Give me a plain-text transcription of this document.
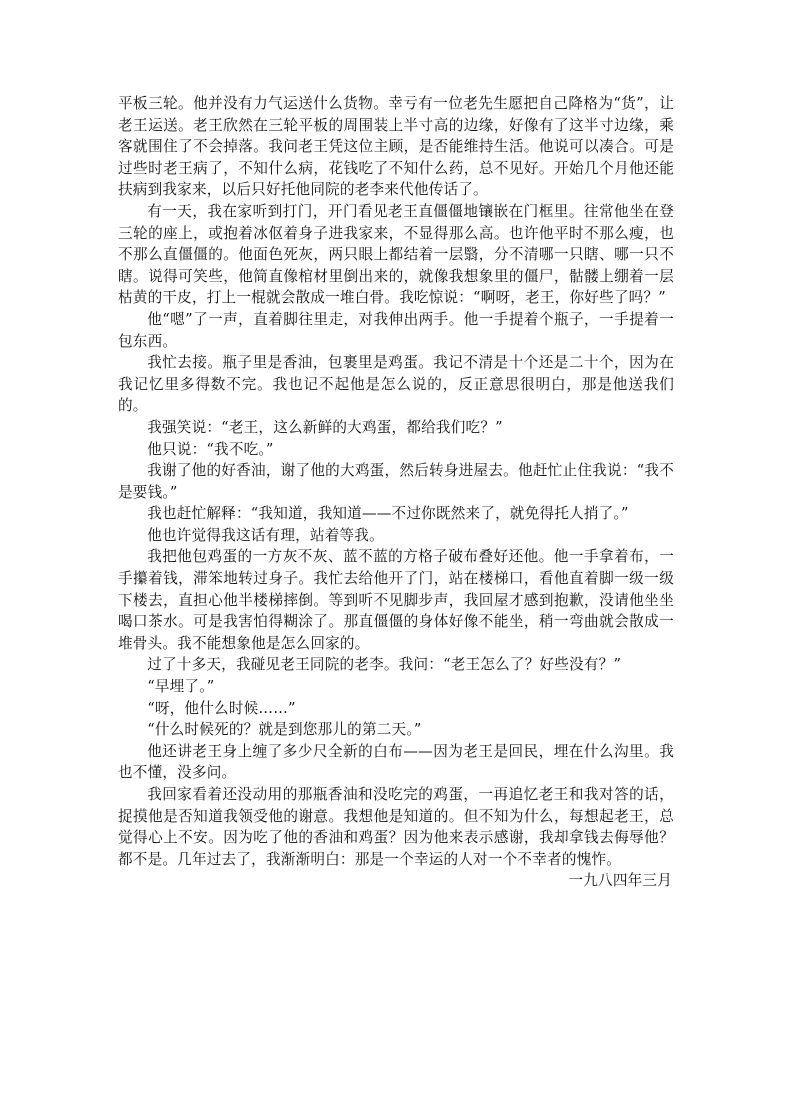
平板三轮。他并没有力气运送什么货物。幸亏有一位老先生愿把自己降格为“货”，让老王运送。老王欣然在三轮平板的周围装上半寸高的边缘，好像有了这半寸边缘，乘客就围住了不会掉落。我问老王凭这位主顾，是否能维持生活。他说可以凑合。可是过些时老王病了，不知什么病，花钱吃了不知什么药，总不见好。开始几个月他还能扶病到我家来，以后只好托他同院的老李来代他传话了。

有一天，我在家听到打门，开门看见老王直僵僵地镶嵌在门框里。往常他坐在登三轮的座上，或抱着冰伛着身子进我家来，不显得那么高。也许他平时不那么瘦，也不那么直僵僵的。他面色死灰，两只眼上都结着一层翳，分不清哪一只瞎、哪一只不瞎。说得可笑些，他简直像棺材里倒出来的，就像我想象里的僵尸，骷髅上绷着一层枯黄的干皮，打上一棍就会散成一堆白骨。我吃惊说：“啊呀，老王，你好些了吗？”

他“嗯”了一声，直着脚往里走，对我伸出两手。他一手提着个瓶子，一手提着一包东西。

我忙去接。瓶子里是香油，包裹里是鸡蛋。我记不清是十个还是二十个，因为在我记忆里多得数不完。我也记不起他是怎么说的，反正意思很明白，那是他送我们的。

我强笑说：“老王，这么新鲜的大鸡蛋，都给我们吃？”

他只说：“我不吃。”

我谢了他的好香油，谢了他的大鸡蛋，然后转身进屋去。他赶忙止住我说：“我不是要钱。”

我也赶忙解释：“我知道，我知道——不过你既然来了，就免得托人捎了。”

他也许觉得我这话有理，站着等我。

我把他包鸡蛋的一方灰不灰、蓝不蓝的方格子破布叠好还他。他一手拿着布，一手攥着钱，滞笨地转过身子。我忙去给他开了门，站在楼梯口，看他直着脚一级一级下楼去，直担心他半楼梯摔倒。等到听不见脚步声，我回屋才感到抱歉，没请他坐坐喝口茶水。可是我害怕得糊涂了。那直僵僵的身体好像不能坐，稍一弯曲就会散成一堆骨头。我不能想象他是怎么回家的。

过了十多天，我碰见老王同院的老李。我问：“老王怎么了？好些没有？”

“早埋了。”

“呀，他什么时候……”

“什么时候死的？就是到您那儿的第二天。”

他还讲老王身上缠了多少尺全新的白布——因为老王是回民，埋在什么沟里。我也不懂，没多问。

我回家看着还没动用的那瓶香油和没吃完的鸡蛋，一再追忆老王和我对答的话，捉摸他是否知道我领受他的谢意。我想他是知道的。但不知为什么，每想起老王，总觉得心上不安。因为吃了他的香油和鸡蛋？因为他来表示感谢，我却拿钱去侮辱他？都不是。几年过去了，我渐渐明白：那是一个幸运的人对一个不幸者的愧怍。

一九八四年三月
